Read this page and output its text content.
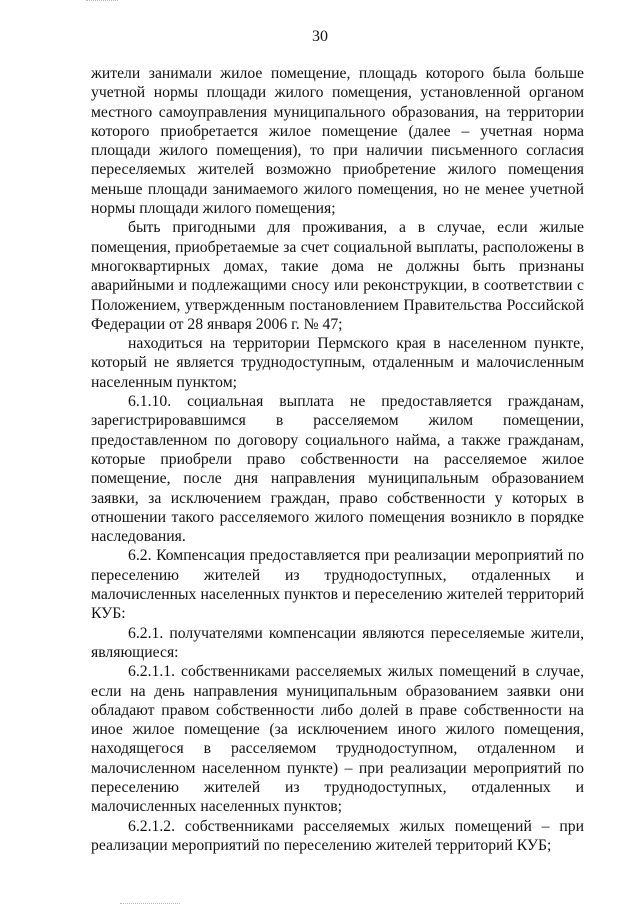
30

жители занимали жилое помещение, площадь которого была больше учетной нормы площади жилого помещения, установленной органом местного самоуправления муниципального образования, на территории которого приобретается жилое помещение (далее – учетная норма площади жилого помещения), то при наличии письменного согласия переселяемых жителей возможно приобретение жилого помещения меньше площади занимаемого жилого помещения, но не менее учетной нормы площади жилого помещения;

быть пригодными для проживания, а в случае, если жилые помещения, приобретаемые за счет социальной выплаты, расположены в многоквартирных домах, такие дома не должны быть признаны аварийными и подлежащими сносу или реконструкции, в соответствии с Положением, утвержденным постановлением Правительства Российской Федерации от 28 января 2006 г. № 47;

находиться на территории Пермского края в населенном пункте, который не является труднодоступным, отдаленным и малочисленным населенным пунктом;

6.1.10. социальная выплата не предоставляется гражданам, зарегистрировавшимся в расселяемом жилом помещении, предоставленном по договору социального найма, а также гражданам, которые приобрели право собственности на расселяемое жилое помещение, после дня направления муниципальным образованием заявки, за исключением граждан, право собственности у которых в отношении такого расселяемого жилого помещения возникло в порядке наследования.

6.2. Компенсация предоставляется при реализации мероприятий по переселению жителей из труднодоступных, отдаленных и малочисленных населенных пунктов и переселению жителей территорий КУБ:

6.2.1. получателями компенсации являются переселяемые жители, являющиеся:

6.2.1.1. собственниками расселяемых жилых помещений в случае, если на день направления муниципальным образованием заявки они обладают правом собственности либо долей в праве собственности на иное жилое помещение (за исключением иного жилого помещения, находящегося в расселяемом труднодоступном, отдаленном и малочисленном населенном пункте) – при реализации мероприятий по переселению жителей из труднодоступных, отдаленных и малочисленных населенных пунктов;

6.2.1.2. собственниками расселяемых жилых помещений – при реализации мероприятий по переселению жителей территорий КУБ;
